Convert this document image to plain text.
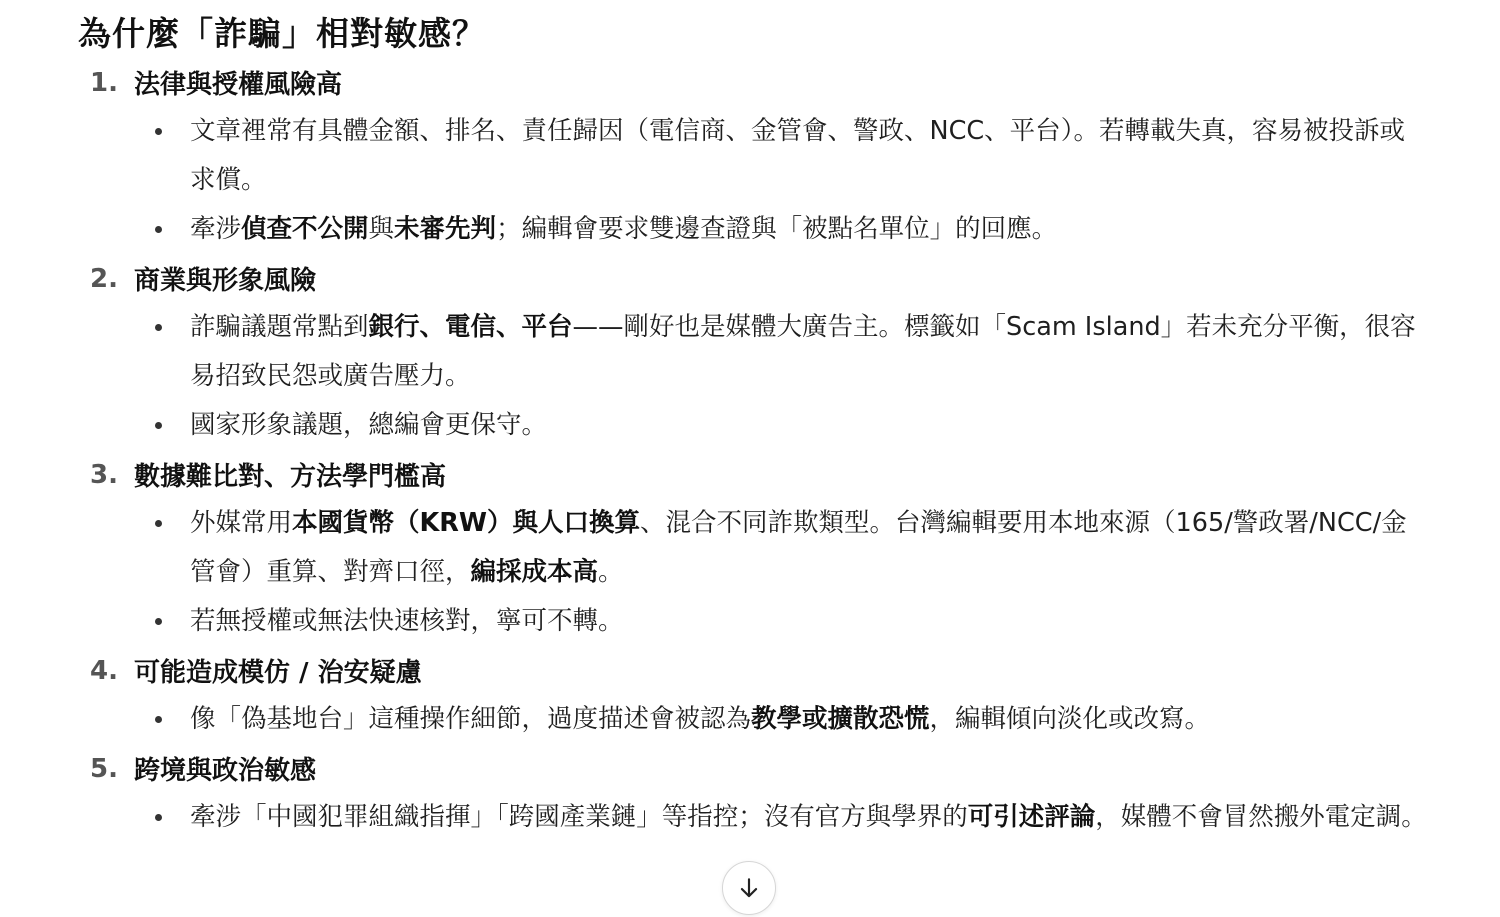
為什麼「詐騙」相對敏感？
1. 法律與授權風險高
文章裡常有具體金額、排名、責任歸因（電信商、金管會、警政、NCC、平台）。若轉載失真，容易被投訴或求償。
牽涉偵查不公開與未審先判；編輯會要求雙邊查證與「被點名單位」的回應。
2. 商業與形象風險
詐騙議題常點到銀行、電信、平台——剛好也是媒體大廣告主。標籤如「Scam Island」若未充分平衡，很容易招致民怨或廣告壓力。
國家形象議題，總編會更保守。
3. 數據難比對、方法學門檻高
外媒常用本國貨幣（KRW）與人口換算、混合不同詐欺類型。台灣編輯要用本地來源（165/警政署/NCC/金管會）重算、對齊口徑，編採成本高。
若無授權或無法快速核對，寧可不轉。
4. 可能造成模仿 / 治安疑慮
像「偽基地台」這種操作細節，過度描述會被認為教學或擴散恐慌，編輯傾向淡化或改寫。
5. 跨境與政治敏感
牽涉「中國犯罪組織指揮」「跨國產業鏈」等指控；沒有官方與學界的可引述評論，媒體不會冒然搬外電定調。
